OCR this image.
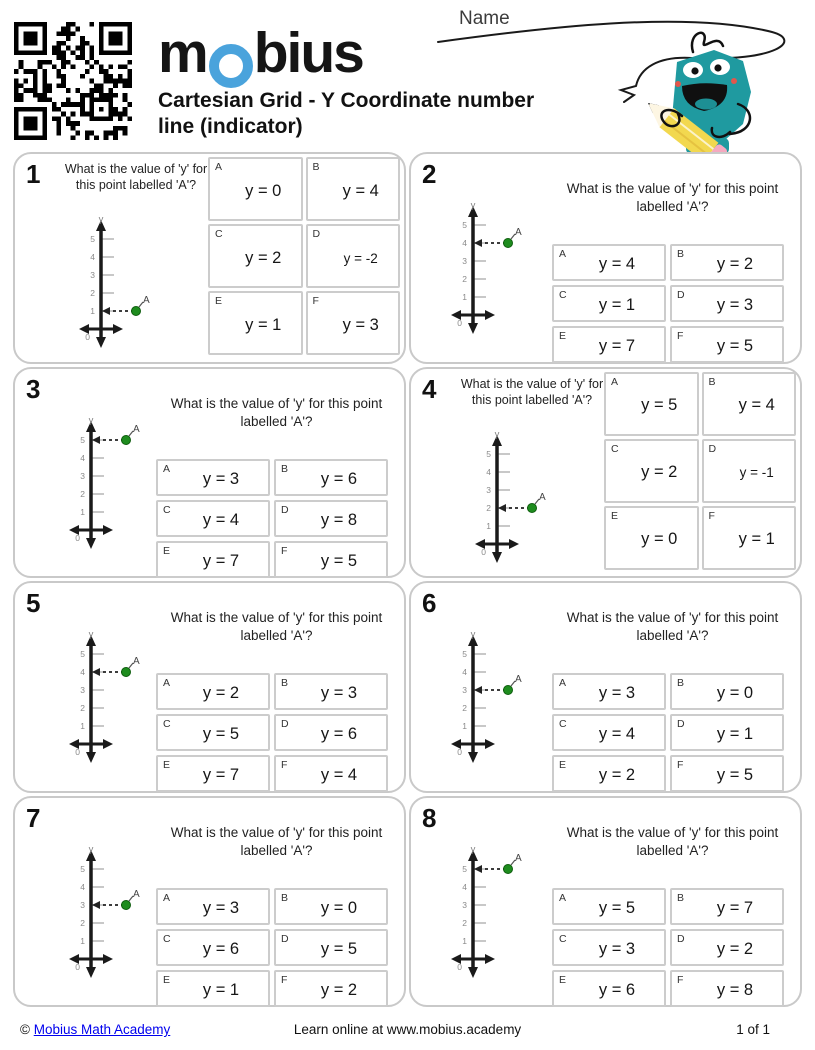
m bius
Cartesian Grid - Y Coordinate number
line (indicator)
Name
1	What is the value of 'y' for this point labelled 'A'?
1
2
3
4
5
y
0
A
A
y = 0
B
y = 4
C
y = 2
D
y = -2
E
y = 1
F
y = 3
2	What is the value of 'y' for this point labelled 'A'?
1
2
3
4
5
y
0
A
A
y = 4
B
y = 2
C
y = 1
D
y = 3
E
y = 7
F
y = 5
3	What is the value of 'y' for this point labelled 'A'?
1
2
3
4
5
y
0
A
A
y = 3
B
y = 6
C
y = 4
D
y = 8
E
y = 7
F
y = 5
4	What is the value of 'y' for this point labelled 'A'?
1
2
3
4
5
y
0
A
A
y = 5
B
y = 4
C
y = 2
D
y = -1
E
y = 0
F
y = 1
5	What is the value of 'y' for this point labelled 'A'?
1
2
3
4
5
y
0
A
A
y = 2
B
y = 3
C
y = 5
D
y = 6
E
y = 7
F
y = 4
6	What is the value of 'y' for this point labelled 'A'?
1
2
3
4
5
y
0
A	A
y = 3
B
y = 0
C
y = 4
D
y = 1
E
y = 2
F
y = 5
7	What is the value of 'y' for this point labelled 'A'?
1
2
3
4
5
y
0
A A
y = 3
B
y = 0
C
y = 6
D
y = 5
E
y = 1
F
y = 2
8	What is the value of 'y' for this point labelled 'A'?
1
2
3
4
5
y
0
A
A
y = 5
B
y = 7
C
y = 3
D
y = 2
E
y = 6
F
y = 8
© Mobius Math Academy	Learn online at www.mobius.academy	1 of 1
